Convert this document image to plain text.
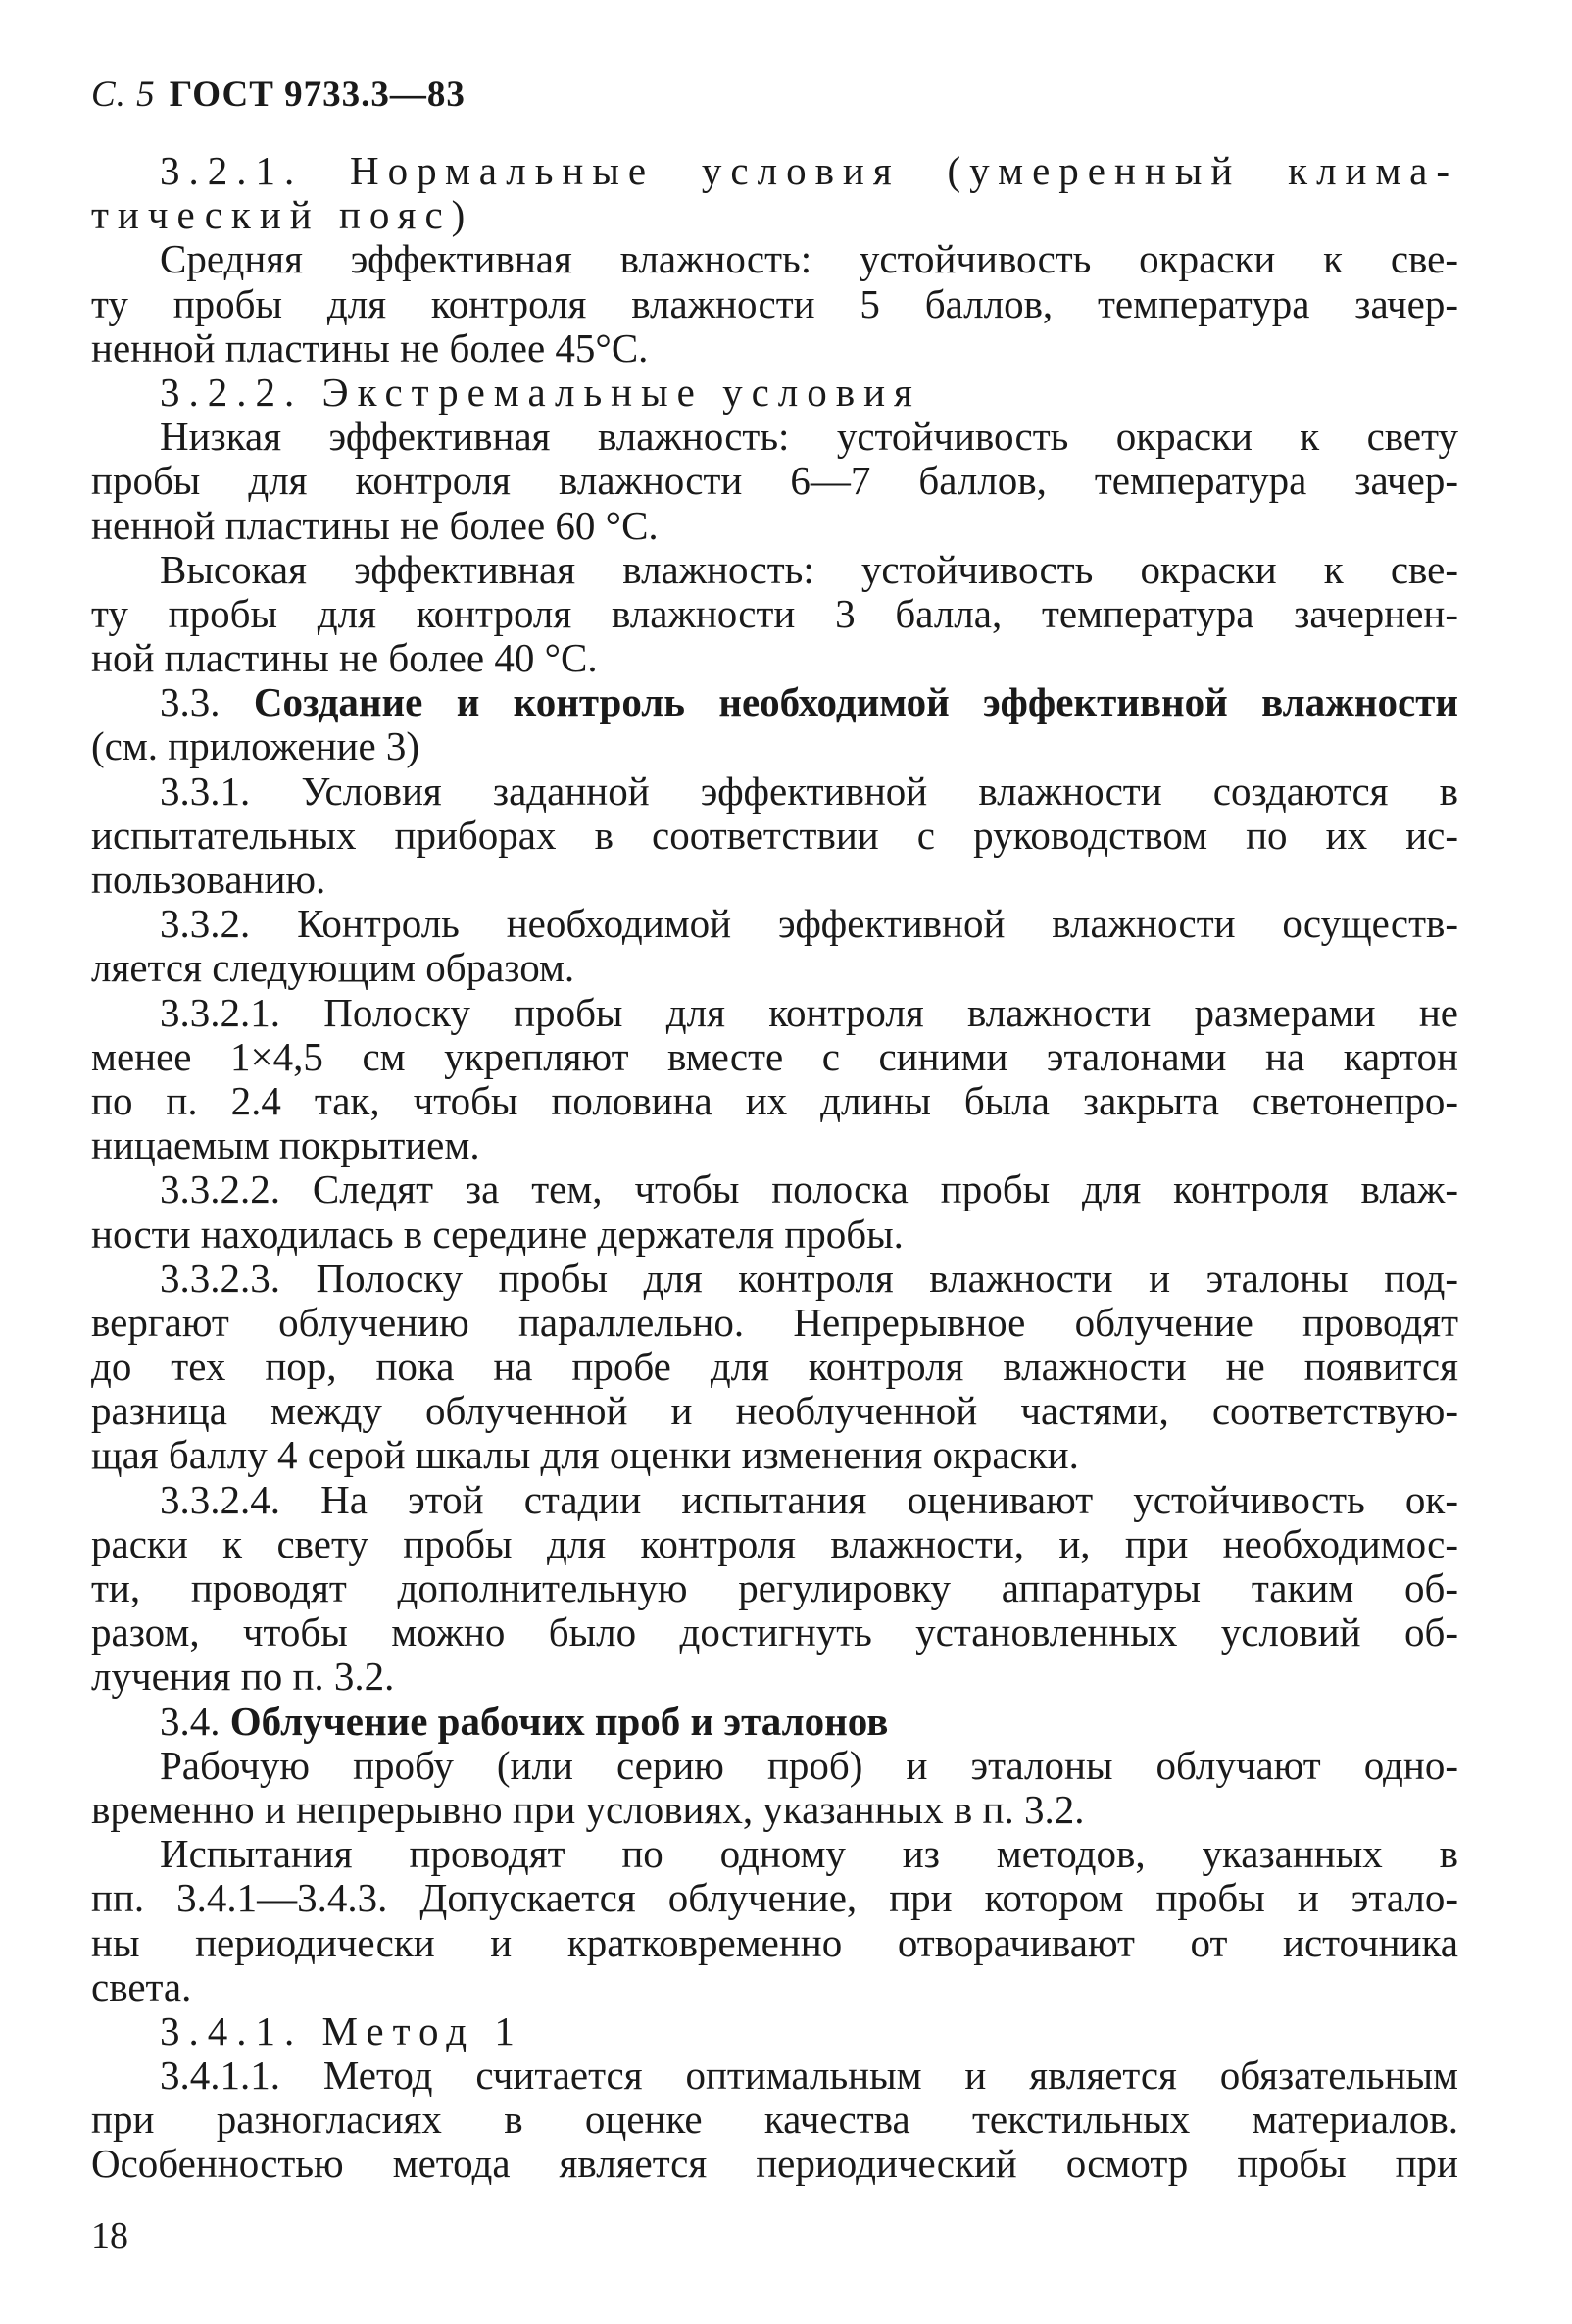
С. 5 ГОСТ 9733.3—83
3.2.1. Нормальные условия (умеренный клима-
тический пояс)
Средняя эффективная влажность: устойчивость окраски к све-
ту пробы для контроля влажности 5 баллов, температура зачер-
ненной пластины не более 45°С.
3.2.2. Экстремальные условия
Низкая эффективная влажность: устойчивость окраски к свету
пробы для контроля влажности 6—7 баллов, температура зачер-
ненной пластины не более 60 °С.
Высокая эффективная влажность: устойчивость окраски к све-
ту пробы для контроля влажности 3 балла, температура зачернен-
ной пластины не более 40 °С.
3.3. Создание и контроль необходимой эффективной влажности
(см. приложение 3)
3.3.1. Условия заданной эффективной влажности создаются в
испытательных приборах в соответствии с руководством по их ис-
пользованию.
3.3.2. Контроль необходимой эффективной влажности осуществ-
ляется следующим образом.
3.3.2.1. Полоску пробы для контроля влажности размерами не
менее 1×4,5 см укрепляют вместе с синими эталонами на картон
по п. 2.4 так, чтобы половина их длины была закрыта светонепро-
ницаемым покрытием.
3.3.2.2. Следят за тем, чтобы полоска пробы для контроля влаж-
ности находилась в середине держателя пробы.
3.3.2.3. Полоску пробы для контроля влажности и эталоны под-
вергают облучению параллельно. Непрерывное облучение проводят
до тех пор, пока на пробе для контроля влажности не появится
разница между облученной и необлученной частями, соответствую-
щая баллу 4 серой шкалы для оценки изменения окраски.
3.3.2.4. На этой стадии испытания оценивают устойчивость ок-
раски к свету пробы для контроля влажности, и, при необходимос-
ти, проводят дополнительную регулировку аппаратуры таким об-
разом, чтобы можно было достигнуть установленных условий об-
лучения по п. 3.2.
3.4. Облучение рабочих проб и эталонов
Рабочую пробу (или серию проб) и эталоны облучают одно-
временно и непрерывно при условиях, указанных в п. 3.2.
Испытания проводят по одному из методов, указанных в
пп. 3.4.1—3.4.3. Допускается облучение, при котором пробы и этало-
ны периодически и кратковременно отворачивают от источника
света.
3.4.1. Метод 1
3.4.1.1. Метод считается оптимальным и является обязательным
при разногласиях в оценке качества текстильных материалов.
Особенностью метода является периодический осмотр пробы при
18
